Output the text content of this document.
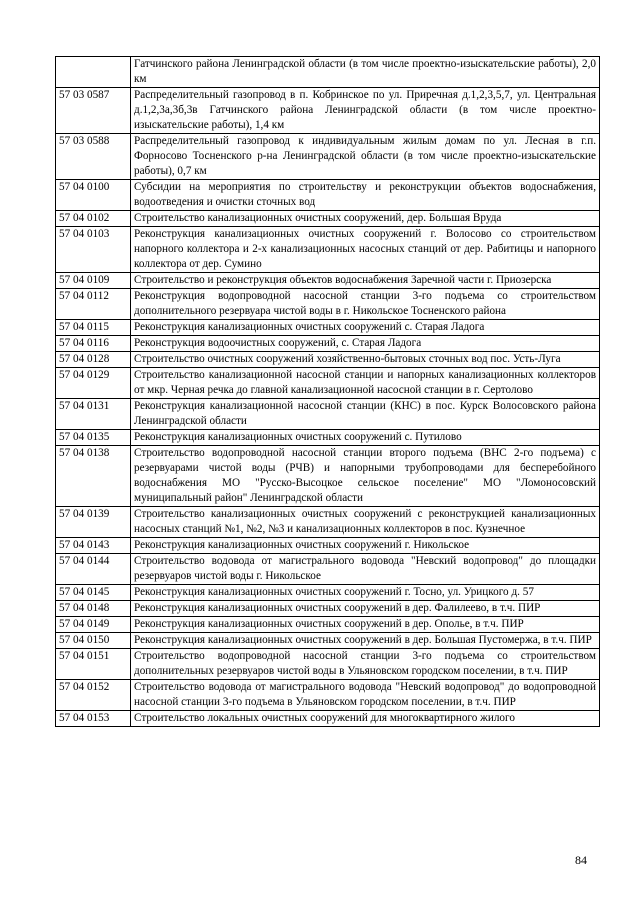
	Гатчинского района Ленинградской области (в том числе проектно-изыскательские работы), 2,0 км
57 03 0587	Распределительный газопровод в п. Кобринское по ул. Приречная д.1,2,3,5,7, ул. Центральная д.1,2,3а,3б,3в Гатчинского района Ленинградской области (в том числе проектно-изыскательские работы), 1,4 км
57 03 0588	Распределительный газопровод к индивидуальным жилым домам по ул. Лесная в г.п. Форносово Тосненского р-на Ленинградской области (в том числе проектно-изыскательские работы), 0,7 км
57 04 0100	Субсидии на мероприятия по строительству и реконструкции объектов водоснабжения, водоотведения и очистки сточных вод
57 04 0102	Строительство канализационных очистных сооружений, дер. Большая Вруда
57 04 0103	Реконструкция канализационных очистных сооружений г. Волосово со строительством напорного коллектора и 2-х канализационных насосных станций от дер. Рабитицы и напорного коллектора от дер. Сумино
57 04 0109	Строительство и реконструкция объектов водоснабжения Заречной части г. Приозерска
57 04 0112	Реконструкция водопроводной насосной станции 3-го подъема со строительством дополнительного резервуара чистой воды в г. Никольское Тосненского района
57 04 0115	Реконструкция канализационных очистных сооружений с. Старая Ладога
57 04 0116	Реконструкция водоочистных сооружений, с. Старая Ладога
57 04 0128	Строительство очистных сооружений хозяйственно-бытовых сточных вод пос. Усть-Луга
57 04 0129	Строительство канализационной насосной станции и напорных канализационных коллекторов от мкр. Черная речка до главной канализационной насосной станции в г. Сертолово
57 04 0131	Реконструкция канализационной насосной станции (КНС) в пос. Курск Волосовского района Ленинградской области
57 04 0135	Реконструкция канализационных очистных сооружений с. Путилово
57 04 0138	Строительство водопроводной насосной станции второго подъема (ВНС 2-го подъема) с резервуарами чистой воды (РЧВ) и напорными трубопроводами для бесперебойного водоснабжения МО "Русско-Высоцкое сельское поселение" МО "Ломоносовский муниципальный район" Ленинградской области
57 04 0139	Строительство канализационных очистных сооружений с реконструкцией канализационных насосных станций №1, №2, №3 и канализационных коллекторов в пос. Кузнечное
57 04 0143	Реконструкция канализационных очистных сооружений г. Никольское
57 04 0144	Строительство водовода от магистрального водовода "Невский водопровод" до площадки резервуаров чистой воды г. Никольское
57 04 0145	Реконструкция канализационных очистных сооружений г. Тосно, ул. Урицкого д. 57
57 04 0148	Реконструкция канализационных очистных сооружений в дер. Фалилеево, в т.ч. ПИР
57 04 0149	Реконструкция канализационных очистных сооружений в дер. Ополье, в т.ч. ПИР
57 04 0150	Реконструкция канализационных очистных сооружений в дер. Большая Пустомержа, в т.ч. ПИР
57 04 0151	Строительство водопроводной насосной станции 3-го подъема со строительством дополнительных резервуаров чистой воды в Ульяновском городском поселении, в т.ч. ПИР
57 04 0152	Строительство водовода от магистрального водовода "Невский водопровод" до водопроводной насосной станции 3-го подъема в Ульяновском городском поселении, в т.ч. ПИР
57 04 0153	Строительство локальных очистных сооружений для многоквартирного жилого
84
